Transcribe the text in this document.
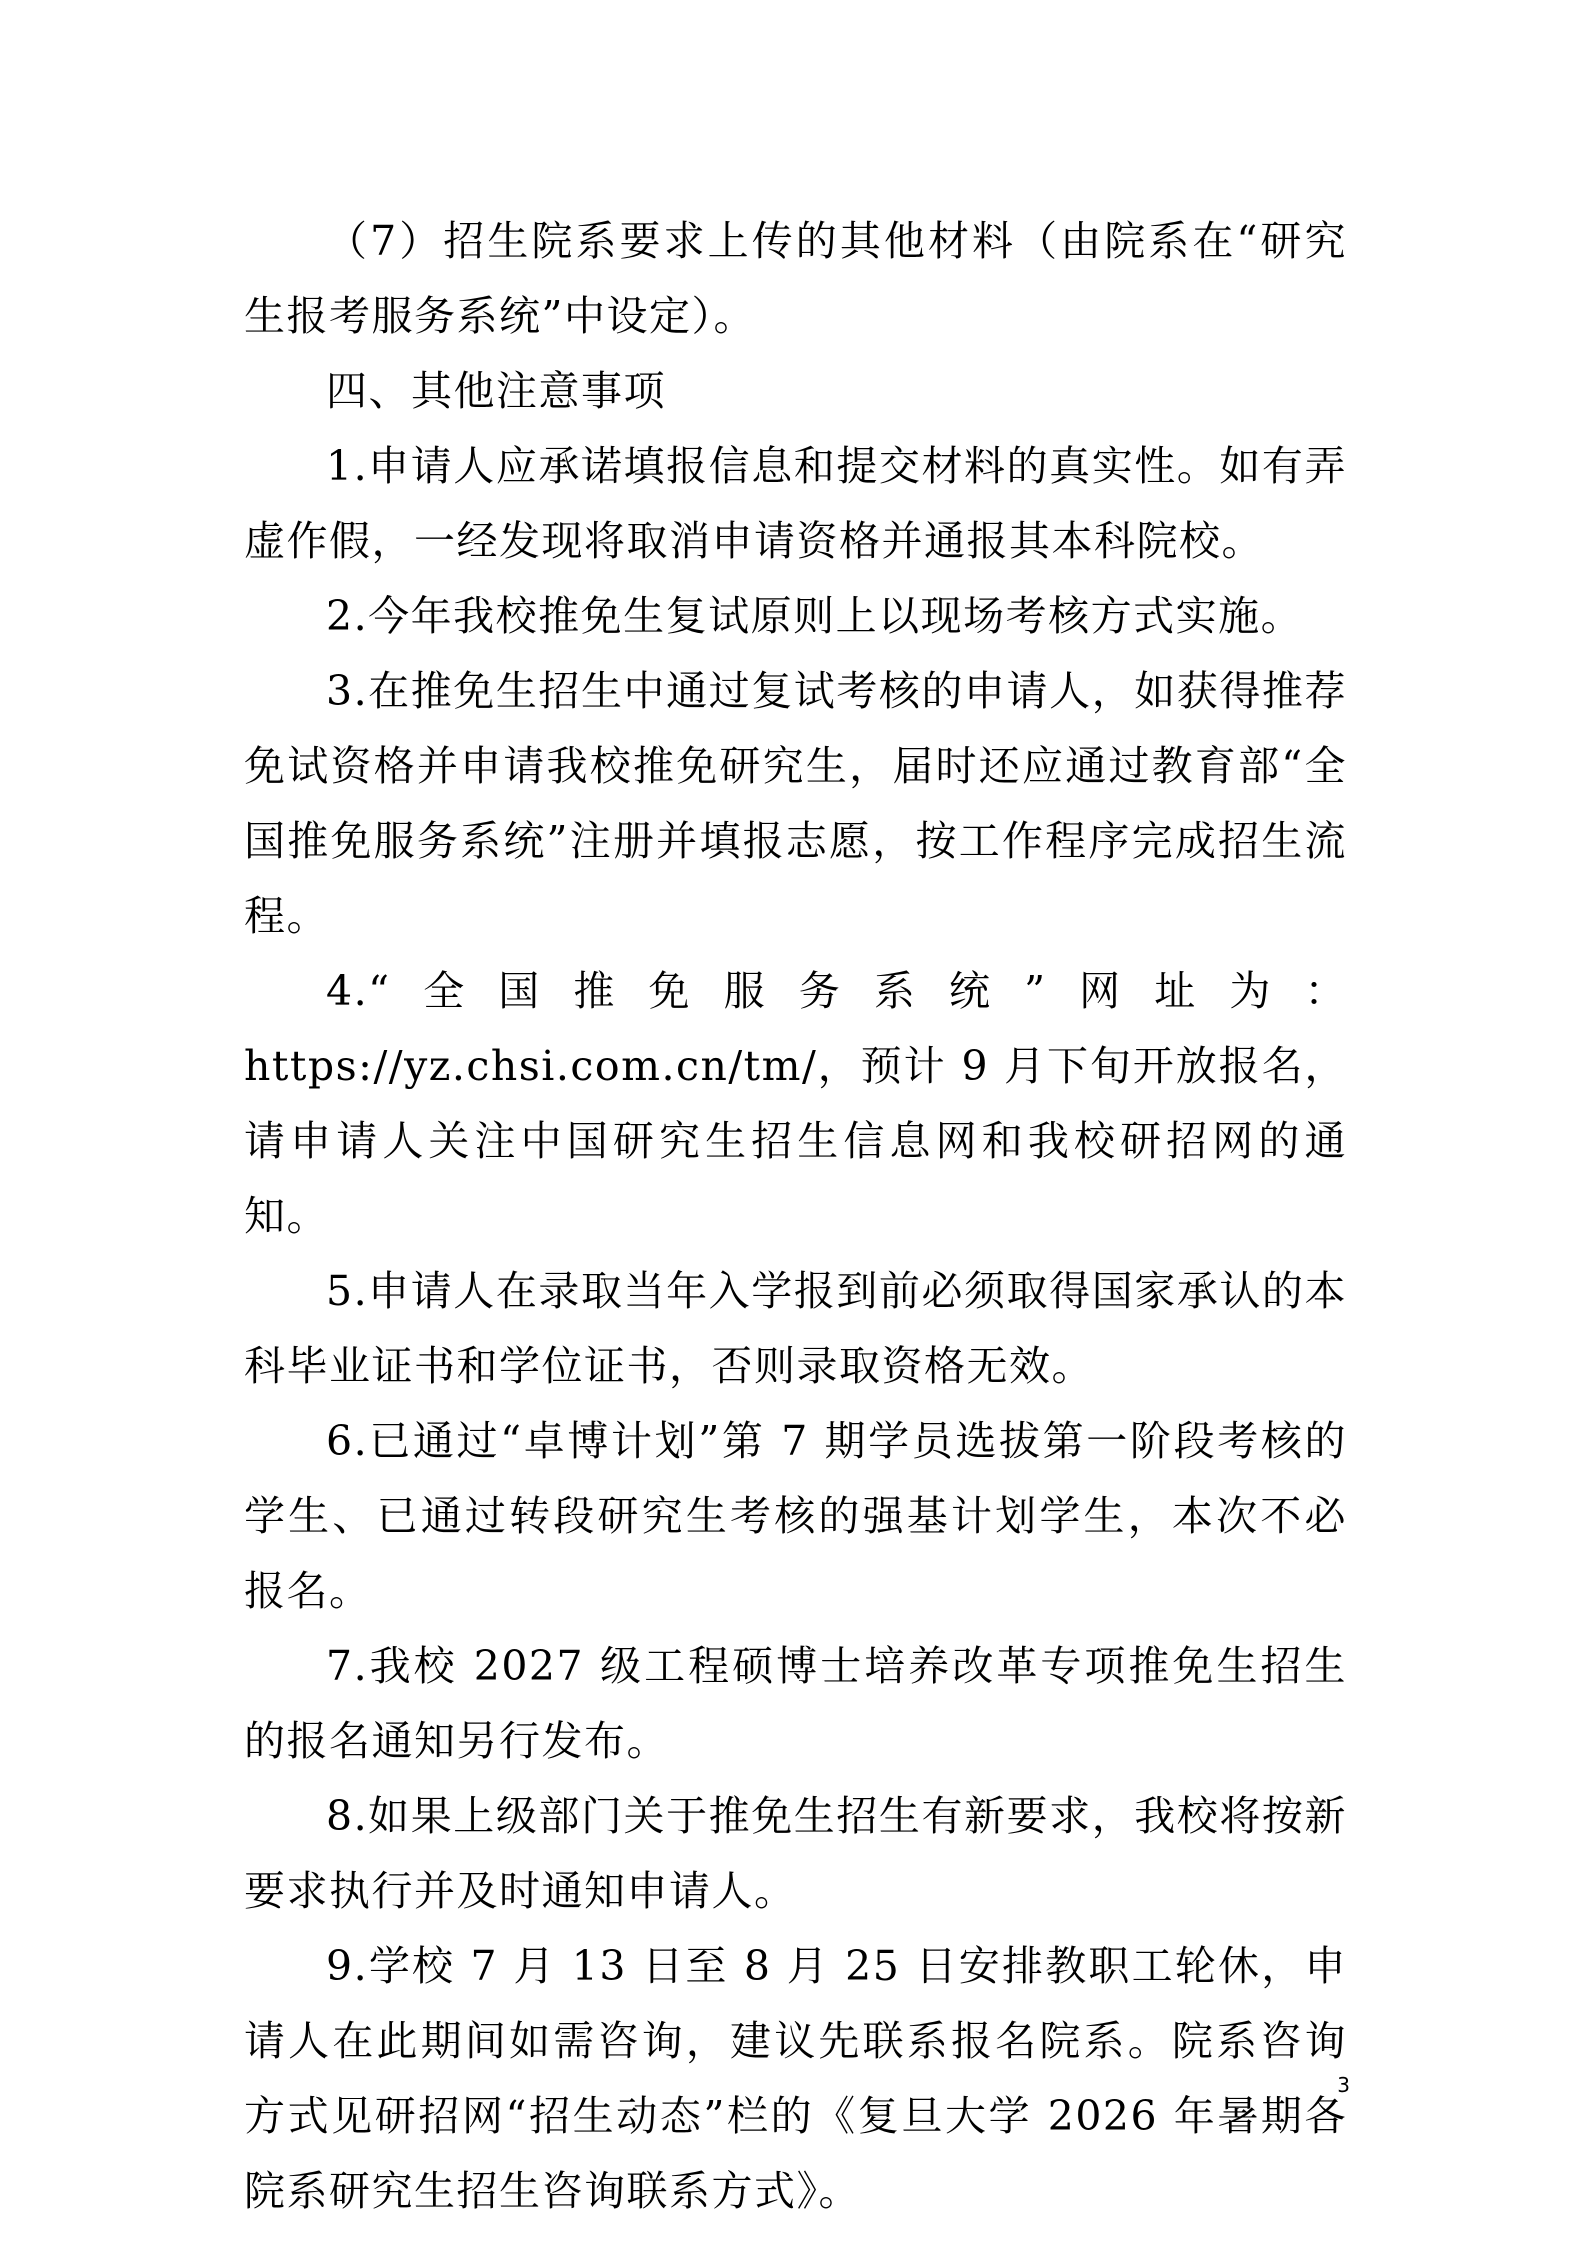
（7）招生院系要求上传的其他材料（由院系在“研究生报考服务系统”中设定）。

四、其他注意事项

1.申请人应承诺填报信息和提交材料的真实性。如有弄虚作假，一经发现将取消申请资格并通报其本科院校。

2.今年我校推免生复试原则上以现场考核方式实施。

3.在推免生招生中通过复试考核的申请人，如获得推荐免试资格并申请我校推免研究生，届时还应通过教育部“全国推免服务系统”注册并填报志愿，按工作程序完成招生流程。

4.“全国推免服务系统”网址为：https://yz.chsi.com.cn/tm/，预计 9 月下旬开放报名，请申请人关注中国研究生招生信息网和我校研招网的通知。

5.申请人在录取当年入学报到前必须取得国家承认的本科毕业证书和学位证书，否则录取资格无效。

6.已通过“卓博计划”第 7 期学员选拔第一阶段考核的学生、已通过转段研究生考核的强基计划学生，本次不必报名。

7.我校 2027 级工程硕博士培养改革专项推免生招生的报名通知另行发布。

8.如果上级部门关于推免生招生有新要求，我校将按新要求执行并及时通知申请人。

9.学校 7 月 13 日至 8 月 25 日安排教职工轮休，申请人在此期间如需咨询，建议先联系报名院系。院系咨询方式见研招网“招生动态”栏的《复旦大学 2026 年暑期各院系研究生招生咨询联系方式》。

3
